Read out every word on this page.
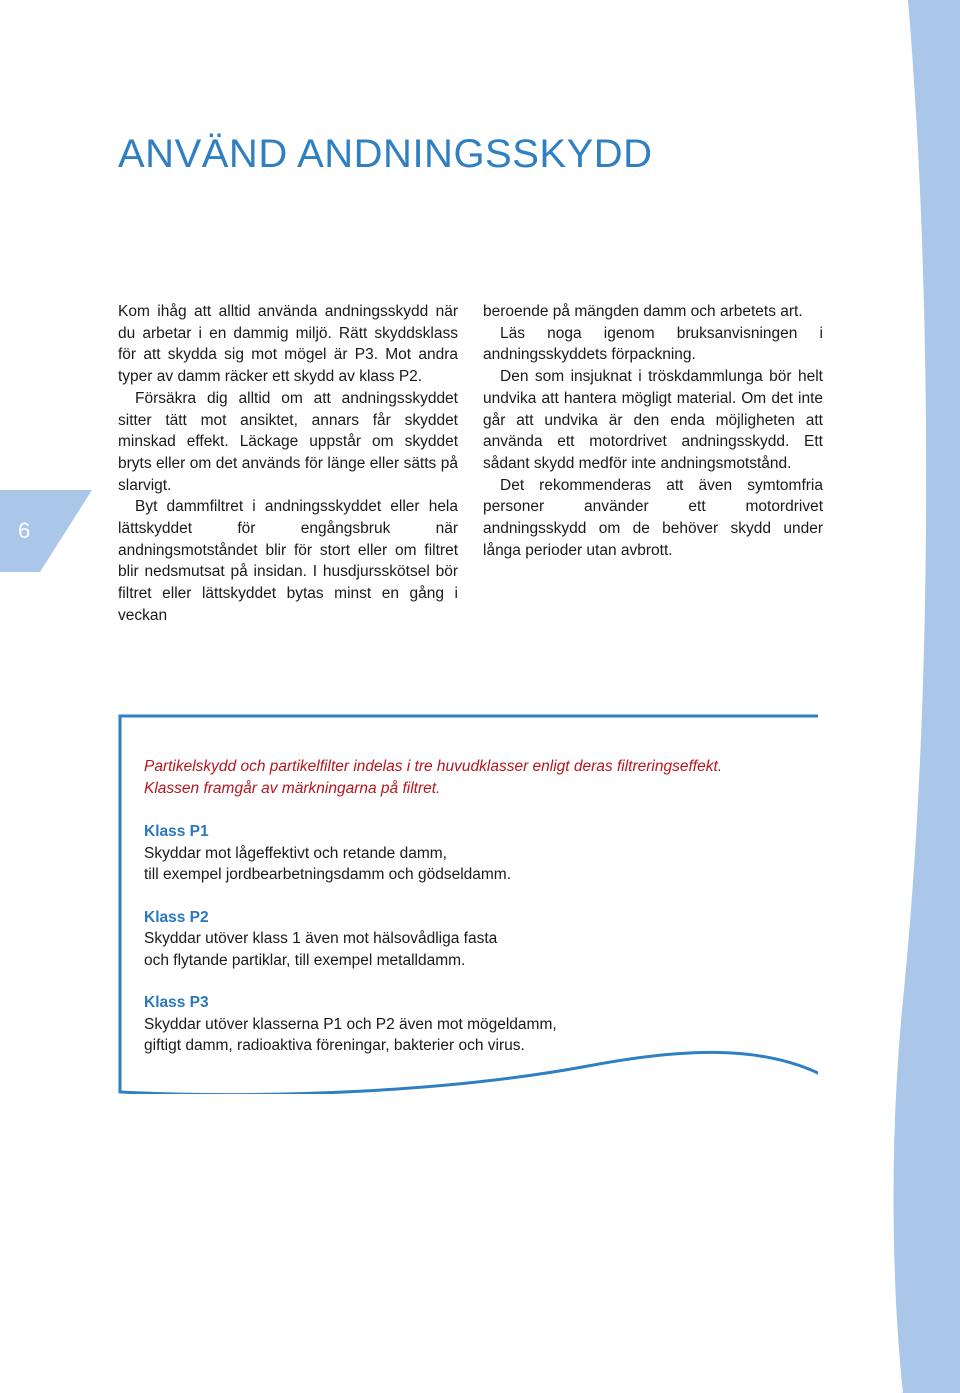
6
ANVÄND ANDNINGSSKYDD

Kom ihåg att alltid använda andningsskydd när du arbetar i en dammig miljö. Rätt skyddsklass för att skydda sig mot mögel är P3. Mot andra typer av damm räcker ett skydd av klass P2.

Försäkra dig alltid om att andningsskyddet sitter tätt mot ansiktet, annars får skyddet minskad effekt. Läckage uppstår om skyddet bryts eller om det används för länge eller sätts på slarvigt.

Byt dammfiltret i andningsskyddet eller hela lättskyddet för engångsbruk när andningsmotståndet blir för stort eller om filtret blir nedsmutsat på insidan. I husdjursskötsel bör filtret eller lättskyddet bytas minst en gång i veckan

beroende på mängden damm och arbetets art.

Läs noga igenom bruksanvisningen i andningsskyddets förpackning.

Den som insjuknat i tröskdammlunga bör helt undvika att hantera mögligt material. Om det inte går att undvika är den enda möjligheten att använda ett motordrivet andningsskydd. Ett sådant skydd medför inte andningsmotstånd.

Det rekommenderas att även symtomfria personer använder ett motordrivet andningsskydd om de behöver skydd under långa perioder utan avbrott.

Partikelskydd och partikelfilter indelas i tre huvudklasser enligt deras filtreringseffekt.
Klassen framgår av märkningarna på filtret.

Klass P1
Skyddar mot lågeffektivt och retande damm,
till exempel jordbearbetningsdamm och gödseldamm.
Klass P2
Skyddar utöver klass 1 även mot hälsovådliga fasta
och flytande partiklar, till exempel metalldamm.
Klass P3
Skyddar utöver klasserna P1 och P2 även mot mögeldamm,
giftigt damm, radioaktiva föreningar, bakterier och virus.
